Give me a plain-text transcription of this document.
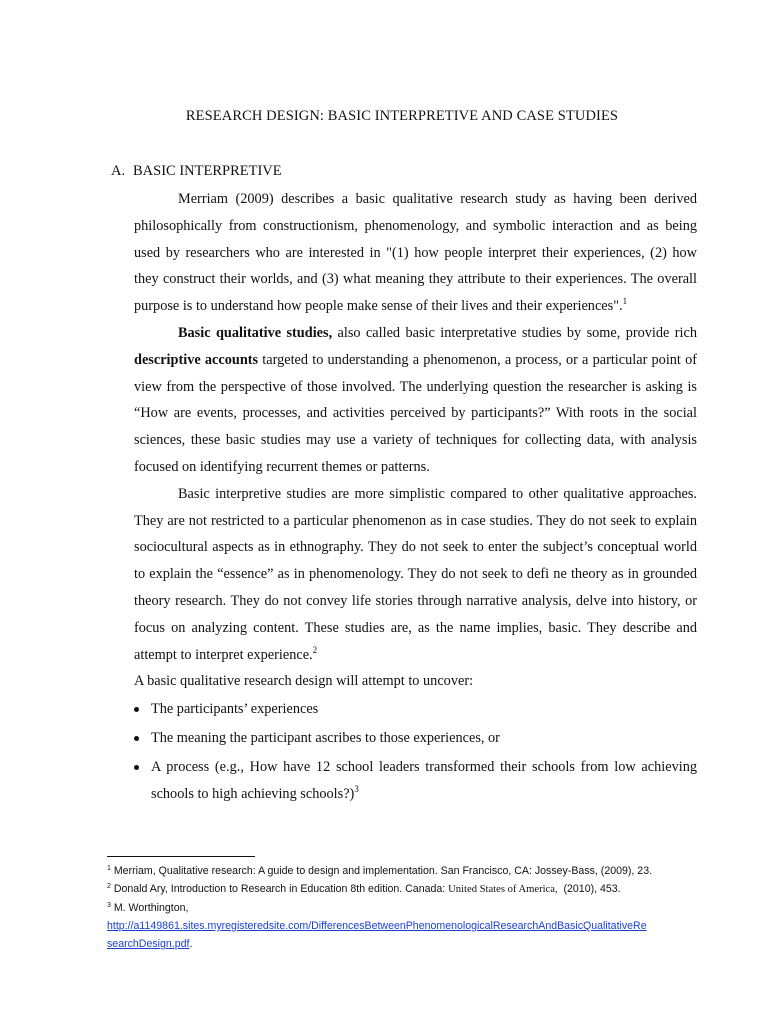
RESEARCH DESIGN: BASIC INTERPRETIVE AND CASE STUDIES
A. BASIC INTERPRETIVE

Merriam (2009) describes a basic qualitative research study as having been derived philosophically from constructionism, phenomenology, and symbolic interaction and as being used by researchers who are interested in "(1) how people interpret their experiences, (2) how they construct their worlds, and (3) what meaning they attribute to their experiences. The overall purpose is to understand how people make sense of their lives and their experiences".$^1$

Basic qualitative studies, also called basic interpretative studies by some, provide rich descriptive accounts targeted to understanding a phenomenon, a process, or a particular point of view from the perspective of those involved. The underlying question the researcher is asking is “How are events, processes, and activities perceived by participants?” With roots in the social sciences, these basic studies may use a variety of techniques for collecting data, with analysis focused on identifying recurrent themes or patterns.

Basic interpretive studies are more simplistic compared to other qualitative approaches. They are not restricted to a particular phenomenon as in case studies. They do not seek to explain sociocultural aspects as in ethnography. They do not seek to enter the subject’s conceptual world to explain the “essence” as in phenomenology. They do not seek to defi ne theory as in grounded theory research. They do not convey life stories through narrative analysis, delve into history, or focus on analyzing content. These studies are, as the name implies, basic. They describe and attempt to interpret experience.$^2$

A basic qualitative research design will attempt to uncover:

The participants’ experiences
The meaning the participant ascribes to those experiences, or
A process (e.g., How have 12 school leaders transformed their schools from low achieving schools to high achieving schools?)$^3$
$^1$ Merriam, Qualitative research: A guide to design and implementation. San Francisco, CA: Jossey-Bass, (2009), 23.
$^2$ Donald Ary, Introduction to Research in Education 8th edition. Canada: United States of America,  (2010), 453.
$^3$ M. Worthington,
http://a1149861.sites.myregisteredsite.com/DifferencesBetweenPhenomenologicalResearchAndBasicQualitativeRe
searchDesign.pdf.
